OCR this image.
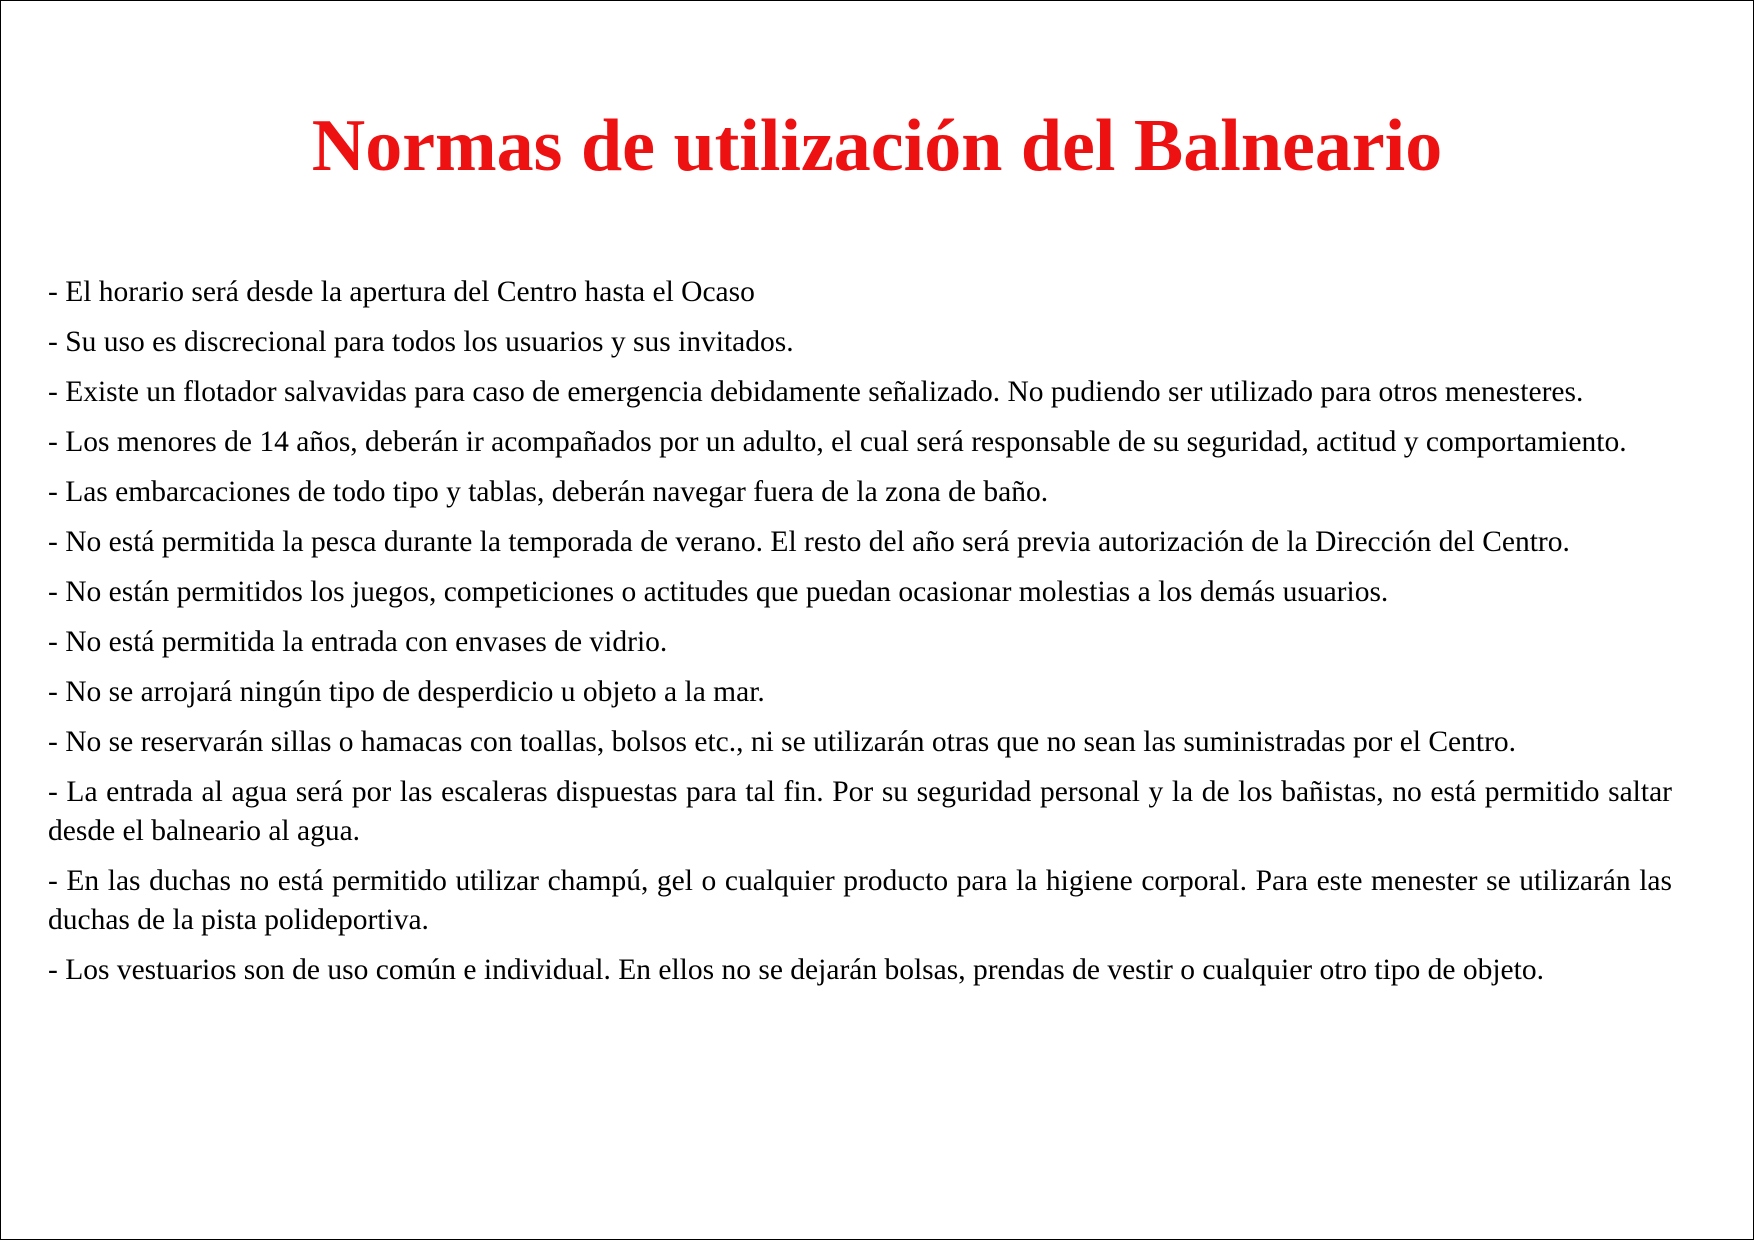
Normas de utilización del Balneario
- El horario será desde la apertura del Centro hasta el Ocaso
- Su uso es discrecional para todos los usuarios y sus invitados.
- Existe un flotador salvavidas para caso de emergencia debidamente señalizado. No pudiendo ser utilizado para otros menesteres.
- Los menores de 14 años, deberán ir acompañados por un adulto, el cual será responsable de su seguridad, actitud y comportamiento.
- Las embarcaciones de todo tipo y tablas, deberán navegar fuera de la zona de baño.
- No está permitida la pesca durante la temporada de verano. El resto del año será previa autorización de la Dirección del Centro.
- No están permitidos los juegos, competiciones o actitudes que puedan ocasionar molestias a los demás usuarios.
- No está permitida la entrada con envases de vidrio.
- No se arrojará ningún tipo de desperdicio u objeto a la mar.
- No se reservarán sillas o hamacas con toallas, bolsos etc., ni se utilizarán otras que no sean las suministradas por el Centro.
- La entrada al agua será por las escaleras dispuestas para tal fin. Por su seguridad personal y la de los bañistas, no está permitido saltar desde el balneario al agua.
- En las duchas no está permitido utilizar champú, gel o cualquier producto para la higiene corporal. Para este menester se utilizarán las duchas de la pista polideportiva.
- Los vestuarios son de uso común e individual. En ellos no se dejarán bolsas, prendas de vestir o cualquier otro tipo de objeto.
